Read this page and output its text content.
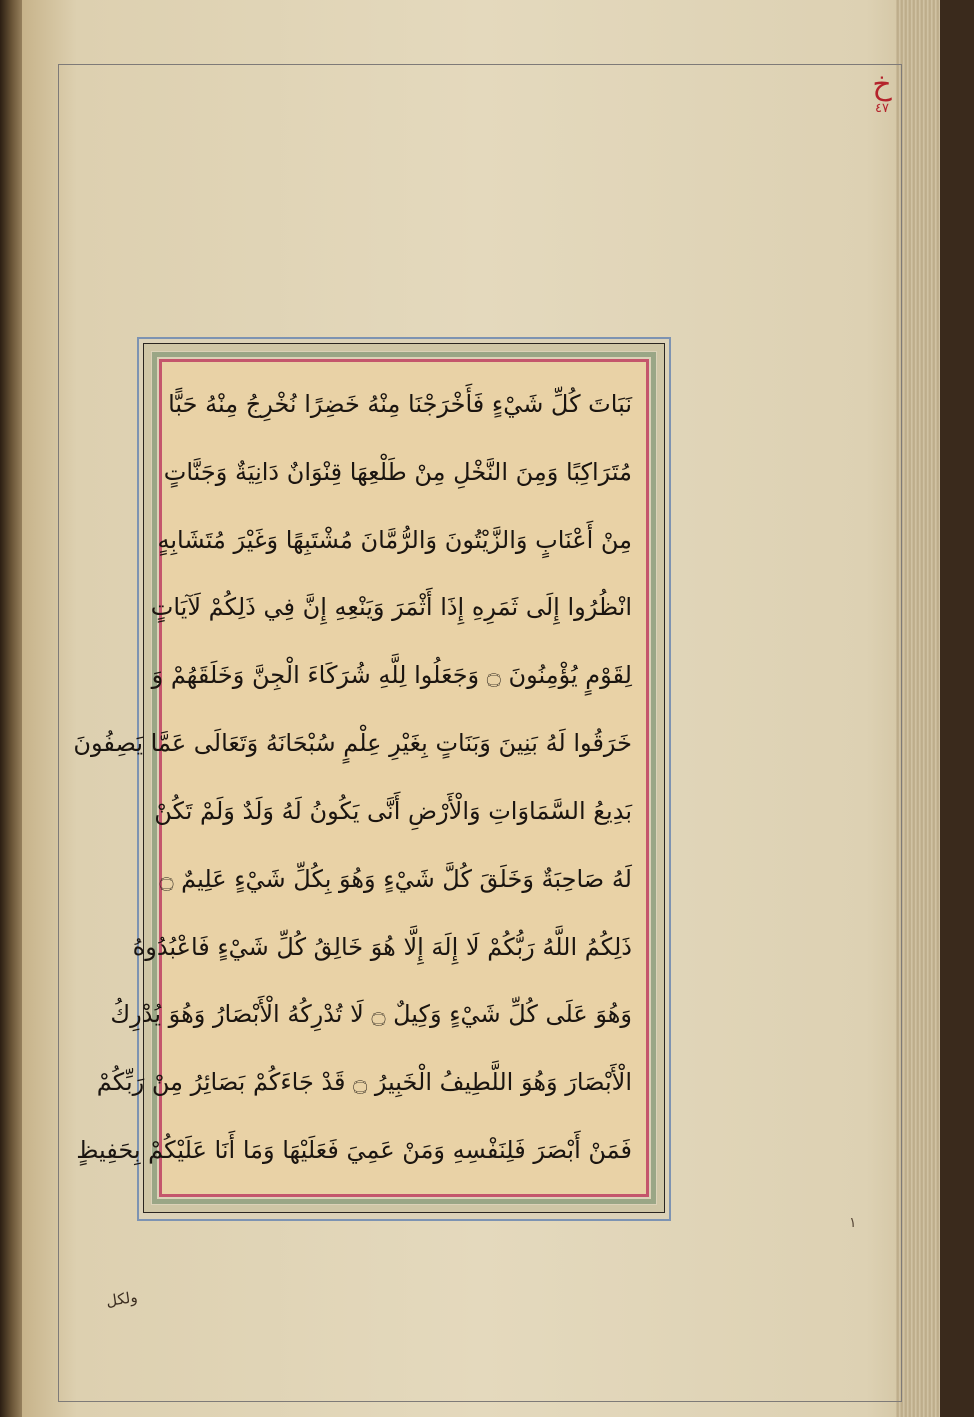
خ
٤٧
نَبَاتَ كُلِّ شَيْءٍ فَأَخْرَجْنَا مِنْهُ خَضِرًا نُخْرِجُ مِنْهُ حَبًّا
مُتَرَاكِبًا وَمِنَ النَّخْلِ مِنْ طَلْعِهَا قِنْوَانٌ دَانِيَةٌ وَجَنَّاتٍ
مِنْ أَعْنَابٍ وَالزَّيْتُونَ وَالرُّمَّانَ مُشْتَبِهًا وَغَيْرَ مُتَشَابِهٍ
انْظُرُوا إِلَى ثَمَرِهِ إِذَا أَثْمَرَ وَيَنْعِهِ إِنَّ فِي ذَلِكُمْ لَآيَاتٍ
لِقَوْمٍ يُؤْمِنُونَ ۝ وَجَعَلُوا لِلَّهِ شُرَكَاءَ الْجِنَّ وَخَلَقَهُمْ وَ
خَرَقُوا لَهُ بَنِينَ وَبَنَاتٍ بِغَيْرِ عِلْمٍ سُبْحَانَهُ وَتَعَالَى عَمَّا يَصِفُونَ
بَدِيعُ السَّمَاوَاتِ وَالْأَرْضِ أَنَّى يَكُونُ لَهُ وَلَدٌ وَلَمْ تَكُنْ
لَهُ صَاحِبَةٌ وَخَلَقَ كُلَّ شَيْءٍ وَهُوَ بِكُلِّ شَيْءٍ عَلِيمٌ ۝
ذَلِكُمُ اللَّهُ رَبُّكُمْ لَا إِلَهَ إِلَّا هُوَ خَالِقُ كُلِّ شَيْءٍ فَاعْبُدُوهُ
وَهُوَ عَلَى كُلِّ شَيْءٍ وَكِيلٌ ۝ لَا تُدْرِكُهُ الْأَبْصَارُ وَهُوَ يُدْرِكُ
الْأَبْصَارَ وَهُوَ اللَّطِيفُ الْخَبِيرُ ۝ قَدْ جَاءَكُمْ بَصَائِرُ مِنْ رَبِّكُمْ
فَمَنْ أَبْصَرَ فَلِنَفْسِهِ وَمَنْ عَمِيَ فَعَلَيْهَا وَمَا أَنَا عَلَيْكُمْ بِحَفِيظٍ
١
ولكل
